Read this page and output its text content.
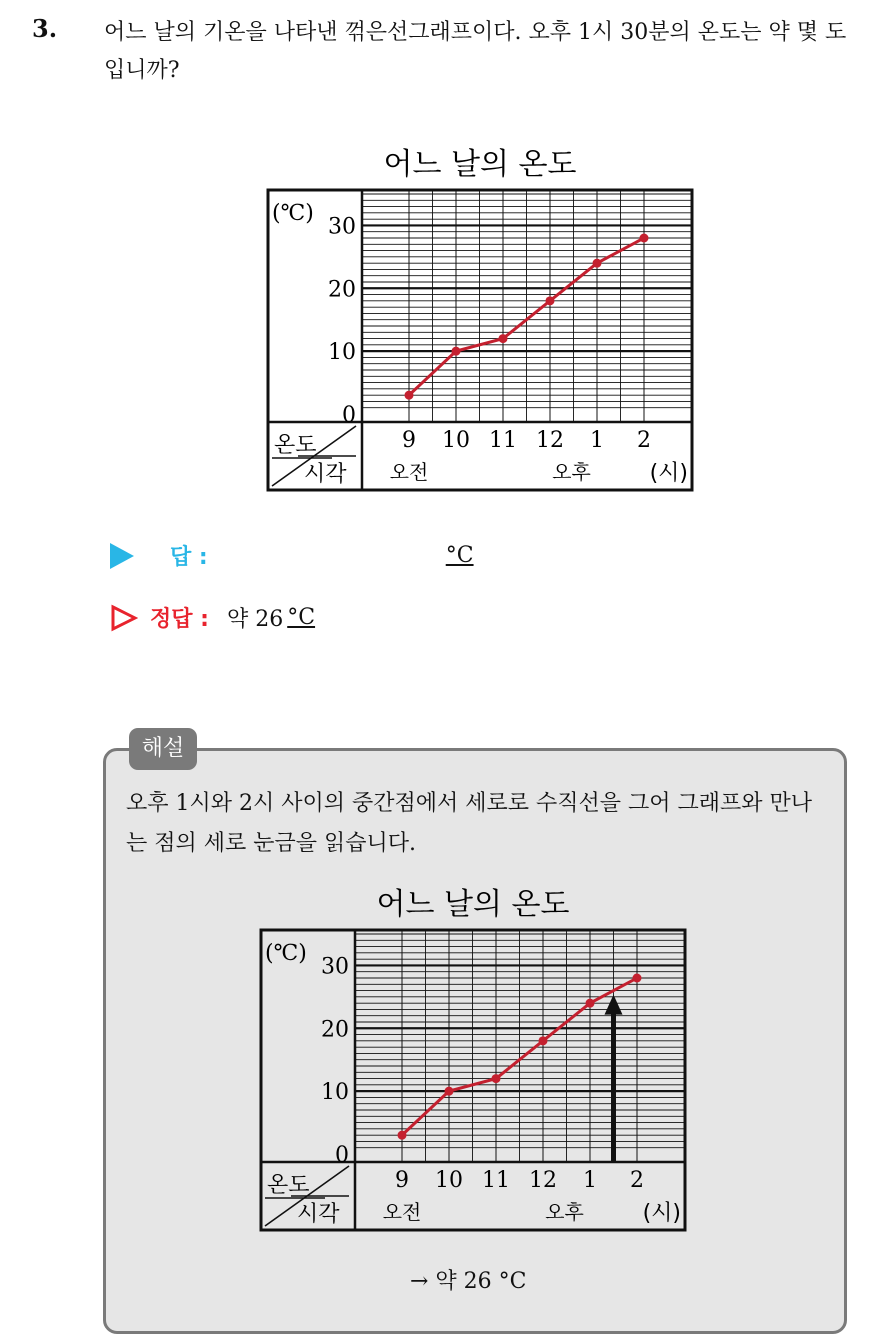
3. 어느 날의 기온을 나타낸 꺾은선그래프이다. 오후 1시 30분의 온도는 약 몇 도 입니까?
어느 날의 온도
9 10 11 12 1 2
(℃)
0
10
20
30
온도
시각 오전	오후	(시)
답 :	°C
정답 : 약 26 °C
해설
오후 1시와 2시 사이의 중간점에서 세로로 수직선을 그어 그래프와 만나는 점의 세로 눈금을 읽습니다.
어느 날의 온도
9 10 11 12 1 2
(℃)
0
10
20
30
온도
시각 오전	오후	(시)
→ 약 26 °C
